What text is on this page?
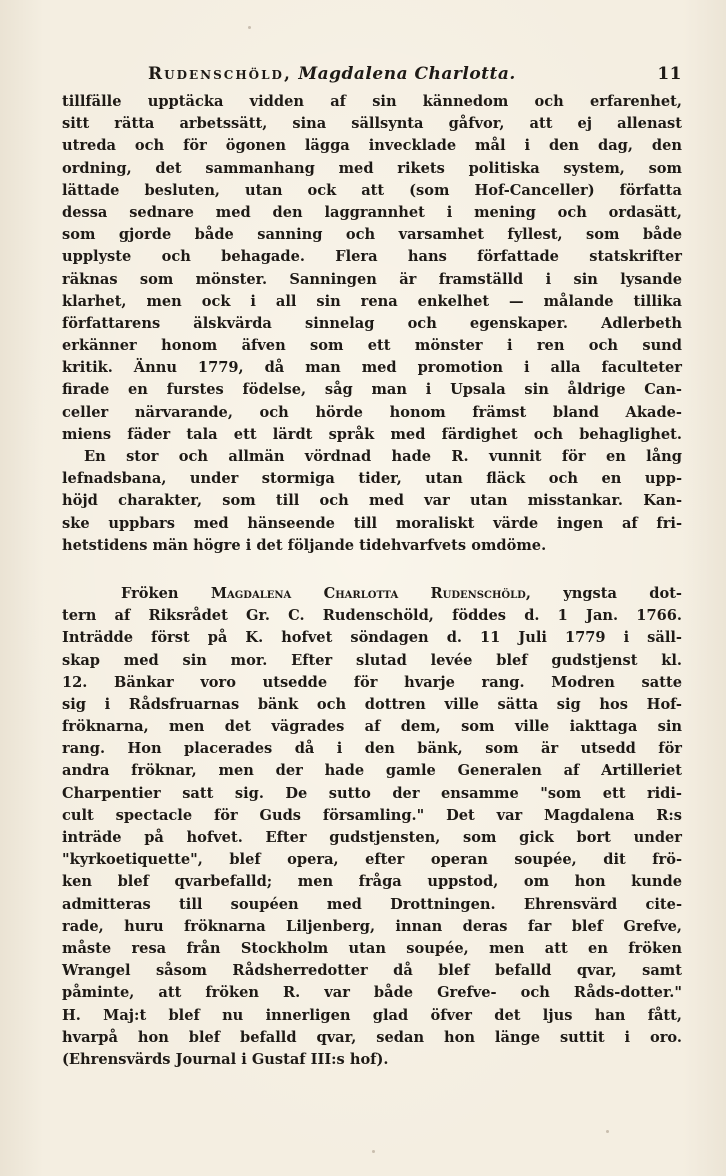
Rudenschöld, Magdalena Charlotta.	11
tillfälle upptäcka vidden af sin kännedom och erfarenhet,
sitt rätta arbetssätt, sina sällsynta gåfvor, att ej allenast
utreda och för ögonen lägga invecklade mål i den dag, den
ordning, det sammanhang med rikets politiska system, som
lättade besluten, utan ock att (som Hof-Canceller) författa
dessa sednare med den laggrannhet i mening och ordasätt,
som gjorde både sanning och varsamhet fyllest, som både
upplyste och behagade. Flera hans författade statskrifter
räknas som mönster. Sanningen är framställd i sin lysande
klarhet, men ock i all sin rena enkelhet — målande tillika
författarens älskvärda sinnelag och egenskaper. Adlerbeth
erkänner honom äfven som ett mönster i ren och sund
kritik. Ännu 1779, då man med promotion i alla faculteter
firade en furstes födelse, såg man i Upsala sin åldrige Can-
celler närvarande, och hörde honom främst bland Akade-
miens fäder tala ett lärdt språk med färdighet och behaglighet.
En stor och allmän vördnad hade R. vunnit för en lång
lefnadsbana, under stormiga tider, utan fläck och en upp-
höjd charakter, som till och med var utan misstankar. Kan-
ske uppbars med hänseende till moraliskt värde ingen af fri-
hetstidens män högre i det följande tidehvarfvets omdöme.
Fröken Magdalena Charlotta Rudenschöld, yngsta dot-
tern af Riksrådet Gr. C. Rudenschöld, föddes d. 1 Jan. 1766.
Inträdde först på K. hofvet söndagen d. 11 Juli 1779 i säll-
skap med sin mor. Efter slutad levée blef gudstjenst kl.
12. Bänkar voro utsedde för hvarje rang. Modren satte
sig i Rådsfruarnas bänk och dottren ville sätta sig hos Hof-
fröknarna, men det vägrades af dem, som ville iakttaga sin
rang. Hon placerades då i den bänk, som är utsedd för
andra fröknar, men der hade gamle Generalen af Artilleriet
Charpentier satt sig. De sutto der ensamme "som ett ridi-
cult spectacle för Guds församling." Det var Magdalena R:s
inträde på hofvet. Efter gudstjensten, som gick bort under
"kyrkoetiquette", blef opera, efter operan soupée, dit frö-
ken blef qvarbefalld; men fråga uppstod, om hon kunde
admitteras till soupéen med Drottningen. Ehrensvärd cite-
rade, huru fröknarna Liljenberg, innan deras far blef Grefve,
måste resa från Stockholm utan soupée, men att en fröken
Wrangel såsom Rådsherredotter då blef befalld qvar, samt
påminte, att fröken R. var både Grefve- och Råds-dotter."
H. Maj:t blef nu innerligen glad öfver det ljus han fått,
hvarpå hon blef befalld qvar, sedan hon länge suttit i oro.
(Ehrensvärds Journal i Gustaf III:s hof).
